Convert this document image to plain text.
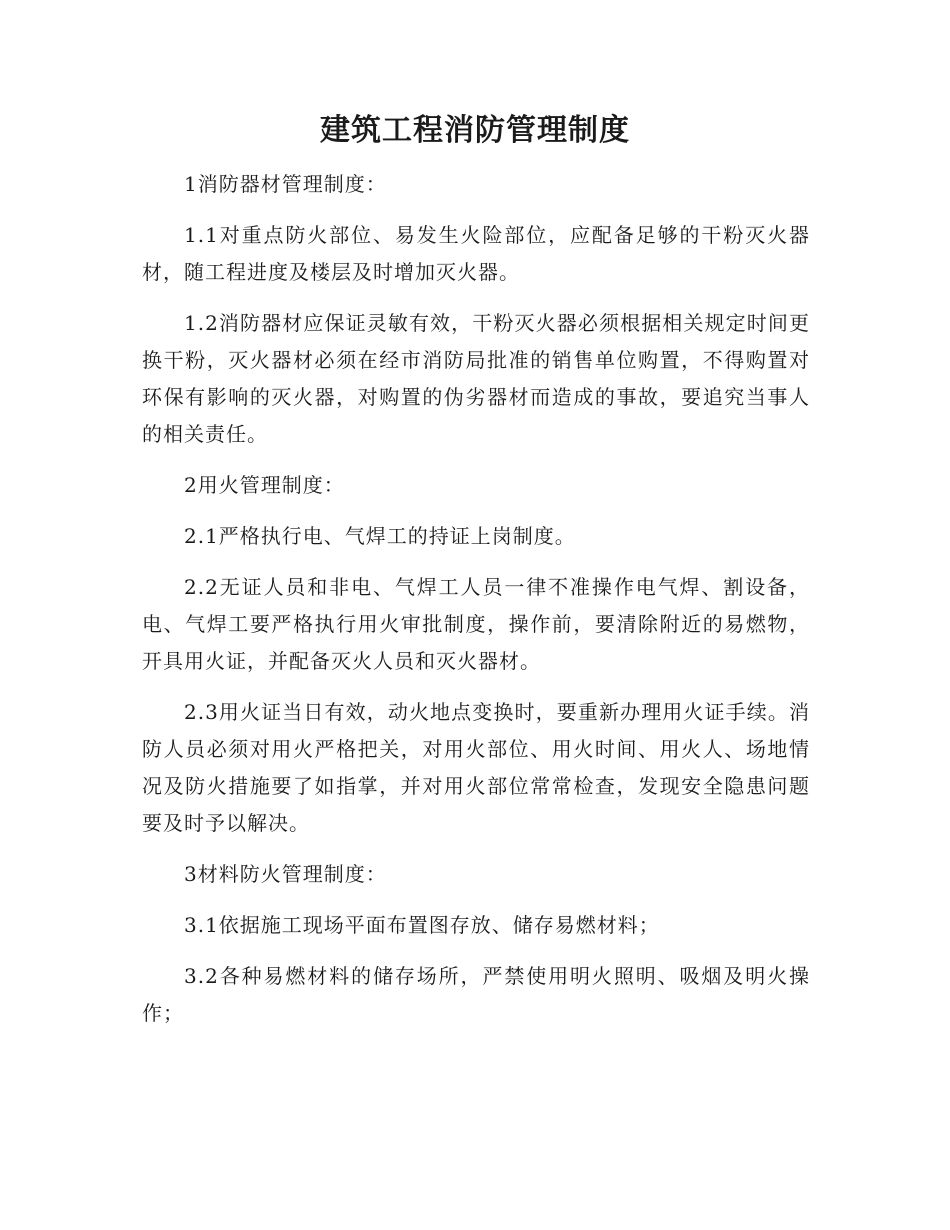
建筑工程消防管理制度

1消防器材管理制度：

1.1对重点防火部位、易发生火险部位，应配备足够的干粉灭火器材，随工程进度及楼层及时增加灭火器。

1.2消防器材应保证灵敏有效，干粉灭火器必须根据相关规定时间更换干粉，灭火器材必须在经市消防局批准的销售单位购置，不得购置对环保有影响的灭火器，对购置的伪劣器材而造成的事故，要追究当事人的相关责任。

2用火管理制度：

2.1严格执行电、气焊工的持证上岗制度。

2.2无证人员和非电、气焊工人员一律不准操作电气焊、割设备，电、气焊工要严格执行用火审批制度，操作前，要清除附近的易燃物，开具用火证，并配备灭火人员和灭火器材。

2.3用火证当日有效，动火地点变换时，要重新办理用火证手续。消防人员必须对用火严格把关，对用火部位、用火时间、用火人、场地情况及防火措施要了如指掌，并对用火部位常常检查，发现安全隐患问题要及时予以解决。

3材料防火管理制度：

3.1依据施工现场平面布置图存放、储存易燃材料；

3.2各种易燃材料的储存场所，严禁使用明火照明、吸烟及明火操作；
